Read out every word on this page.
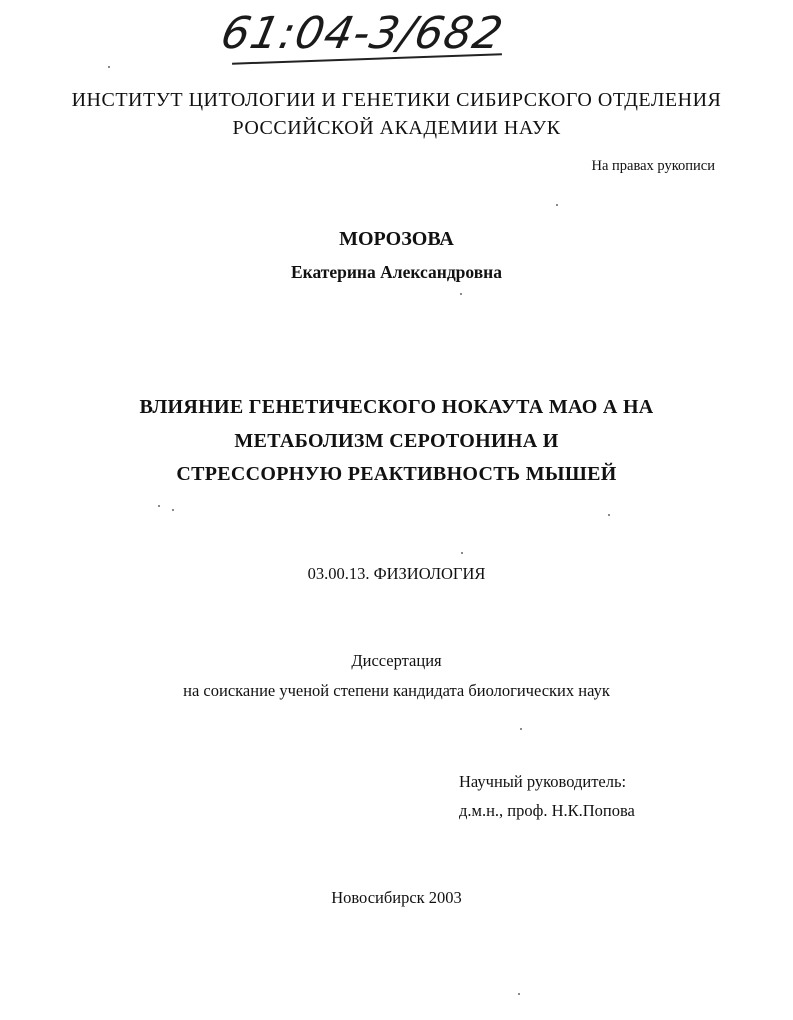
61:04-3/682
ИНСТИТУТ ЦИТОЛОГИИ И ГЕНЕТИКИ СИБИРСКОГО ОТДЕЛЕНИЯ
РОССИЙСКОЙ АКАДЕМИИ НАУК
На правах рукописи
МОРОЗОВА
Екатерина Александровна
ВЛИЯНИЕ ГЕНЕТИЧЕСКОГО НОКАУТА МАО А НА
МЕТАБОЛИЗМ СЕРОТОНИНА И
СТРЕССОРНУЮ РЕАКТИВНОСТЬ МЫШЕЙ
03.00.13. ФИЗИОЛОГИЯ
Диссертация
на соискание ученой степени кандидата биологических наук
Научный руководитель:
д.м.н., проф. Н.К.Попова
Новосибирск 2003
